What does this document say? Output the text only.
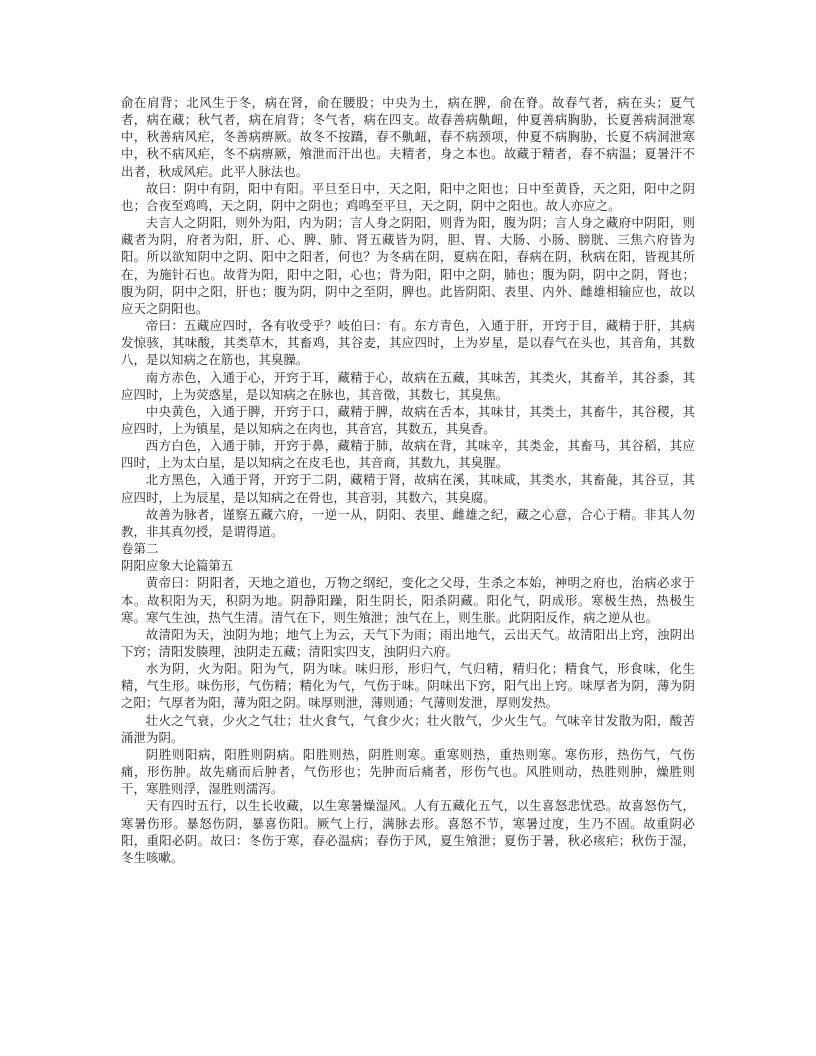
俞在肩背；北风生于冬，病在肾，俞在腰股；中央为土，病在脾，俞在脊。故春气者，病在头；夏气者，病在藏；秋气者，病在肩背；冬气者，病在四支。故春善病鼽衄，仲夏善病胸胁，长夏善病洞泄寒中，秋善病风疟，冬善病痹厥。故冬不按蹻，春不鼽衄，春不病颈项，仲夏不病胸胁，长夏不病洞泄寒中，秋不病风疟，冬不病痹厥，飧泄而汗出也。夫精者，身之本也。故藏于精者，春不病温；夏暑汗不出者，秋成风疟。此平人脉法也。

故曰：阴中有阴，阳中有阳。平旦至日中，天之阳，阳中之阳也；日中至黄昏，天之阳，阳中之阴也；合夜至鸡鸣，天之阴，阴中之阴也；鸡鸣至平旦，天之阴，阴中之阳也。故人亦应之。

夫言人之阴阳，则外为阳，内为阴；言人身之阴阳，则背为阳，腹为阴；言人身之藏府中阴阳，则藏者为阴，府者为阳，肝、心、脾、肺、肾五藏皆为阴，胆、胃、大肠、小肠、膀胱、三焦六府皆为阳。所以欲知阴中之阴、阳中之阳者，何也？为冬病在阴，夏病在阳，春病在阴，秋病在阳，皆视其所在，为施针石也。故背为阳，阳中之阳，心也；背为阳，阳中之阴，肺也；腹为阴，阴中之阴，肾也；腹为阴，阴中之阳，肝也；腹为阴，阴中之至阴，脾也。此皆阴阳、表里、内外、雌雄相输应也，故以应天之阴阳也。

帝曰：五藏应四时，各有收受乎？岐伯曰：有。东方青色，入通于肝，开窍于目，藏精于肝，其病发惊骇，其味酸，其类草木，其畜鸡，其谷麦，其应四时，上为岁星，是以春气在头也，其音角，其数八，是以知病之在筋也，其臭臊。

南方赤色，入通于心，开窍于耳，藏精于心，故病在五藏，其味苦，其类火，其畜羊，其谷黍，其应四时，上为荧惑星，是以知病之在脉也，其音徵，其数七，其臭焦。

中央黄色，入通于脾，开窍于口，藏精于脾，故病在舌本，其味甘，其类土，其畜牛，其谷稷，其应四时，上为镇星，是以知病之在肉也，其音宫，其数五，其臭香。

西方白色，入通于肺，开窍于鼻，藏精于肺，故病在背，其味辛，其类金，其畜马，其谷稻，其应四时，上为太白星，是以知病之在皮毛也，其音商，其数九，其臭腥。

北方黑色，入通于肾，开窍于二阴，藏精于肾，故病在溪，其味咸，其类水，其畜彘，其谷豆，其应四时，上为辰星，是以知病之在骨也，其音羽，其数六，其臭腐。

故善为脉者，谨察五藏六府，一逆一从，阴阳、表里、雌雄之纪，藏之心意，合心于精。非其人勿教，非其真勿授，是谓得道。

卷第二

阴阳应象大论篇第五

黄帝曰：阴阳者，天地之道也，万物之纲纪，变化之父母，生杀之本始，神明之府也，治病必求于本。故积阳为天，积阴为地。阴静阳躁，阳生阴长，阳杀阴藏。阳化气，阴成形。寒极生热，热极生寒。寒气生浊，热气生清。清气在下，则生飧泄；浊气在上，则生胀。此阴阳反作，病之逆从也。

故清阳为天，浊阴为地；地气上为云，天气下为雨；雨出地气，云出天气。故清阳出上窍，浊阴出下窍；清阳发腠理，浊阴走五藏；清阳实四支，浊阴归六府。

水为阴，火为阳。阳为气，阴为味。味归形，形归气，气归精，精归化；精食气，形食味，化生精，气生形。味伤形，气伤精；精化为气，气伤于味。阴味出下窍，阳气出上窍。味厚者为阴，薄为阴之阳；气厚者为阳，薄为阳之阴。味厚则泄，薄则通；气薄则发泄，厚则发热。

壮火之气衰，少火之气壮；壮火食气，气食少火；壮火散气，少火生气。气味辛甘发散为阳，酸苦涌泄为阴。

阴胜则阳病，阳胜则阴病。阳胜则热，阴胜则寒。重寒则热，重热则寒。寒伤形，热伤气，气伤痛，形伤肿。故先痛而后肿者，气伤形也；先肿而后痛者，形伤气也。风胜则动，热胜则肿，燥胜则干，寒胜则浮，湿胜则濡泻。

天有四时五行，以生长收藏，以生寒暑燥湿风。人有五藏化五气，以生喜怒悲忧恐。故喜怒伤气，寒暑伤形。暴怒伤阴，暴喜伤阳。厥气上行，满脉去形。喜怒不节，寒暑过度，生乃不固。故重阴必阳，重阳必阴。故曰：冬伤于寒，春必温病；春伤于风，夏生飧泄；夏伤于暑，秋必痎疟；秋伤于湿，冬生咳嗽。
